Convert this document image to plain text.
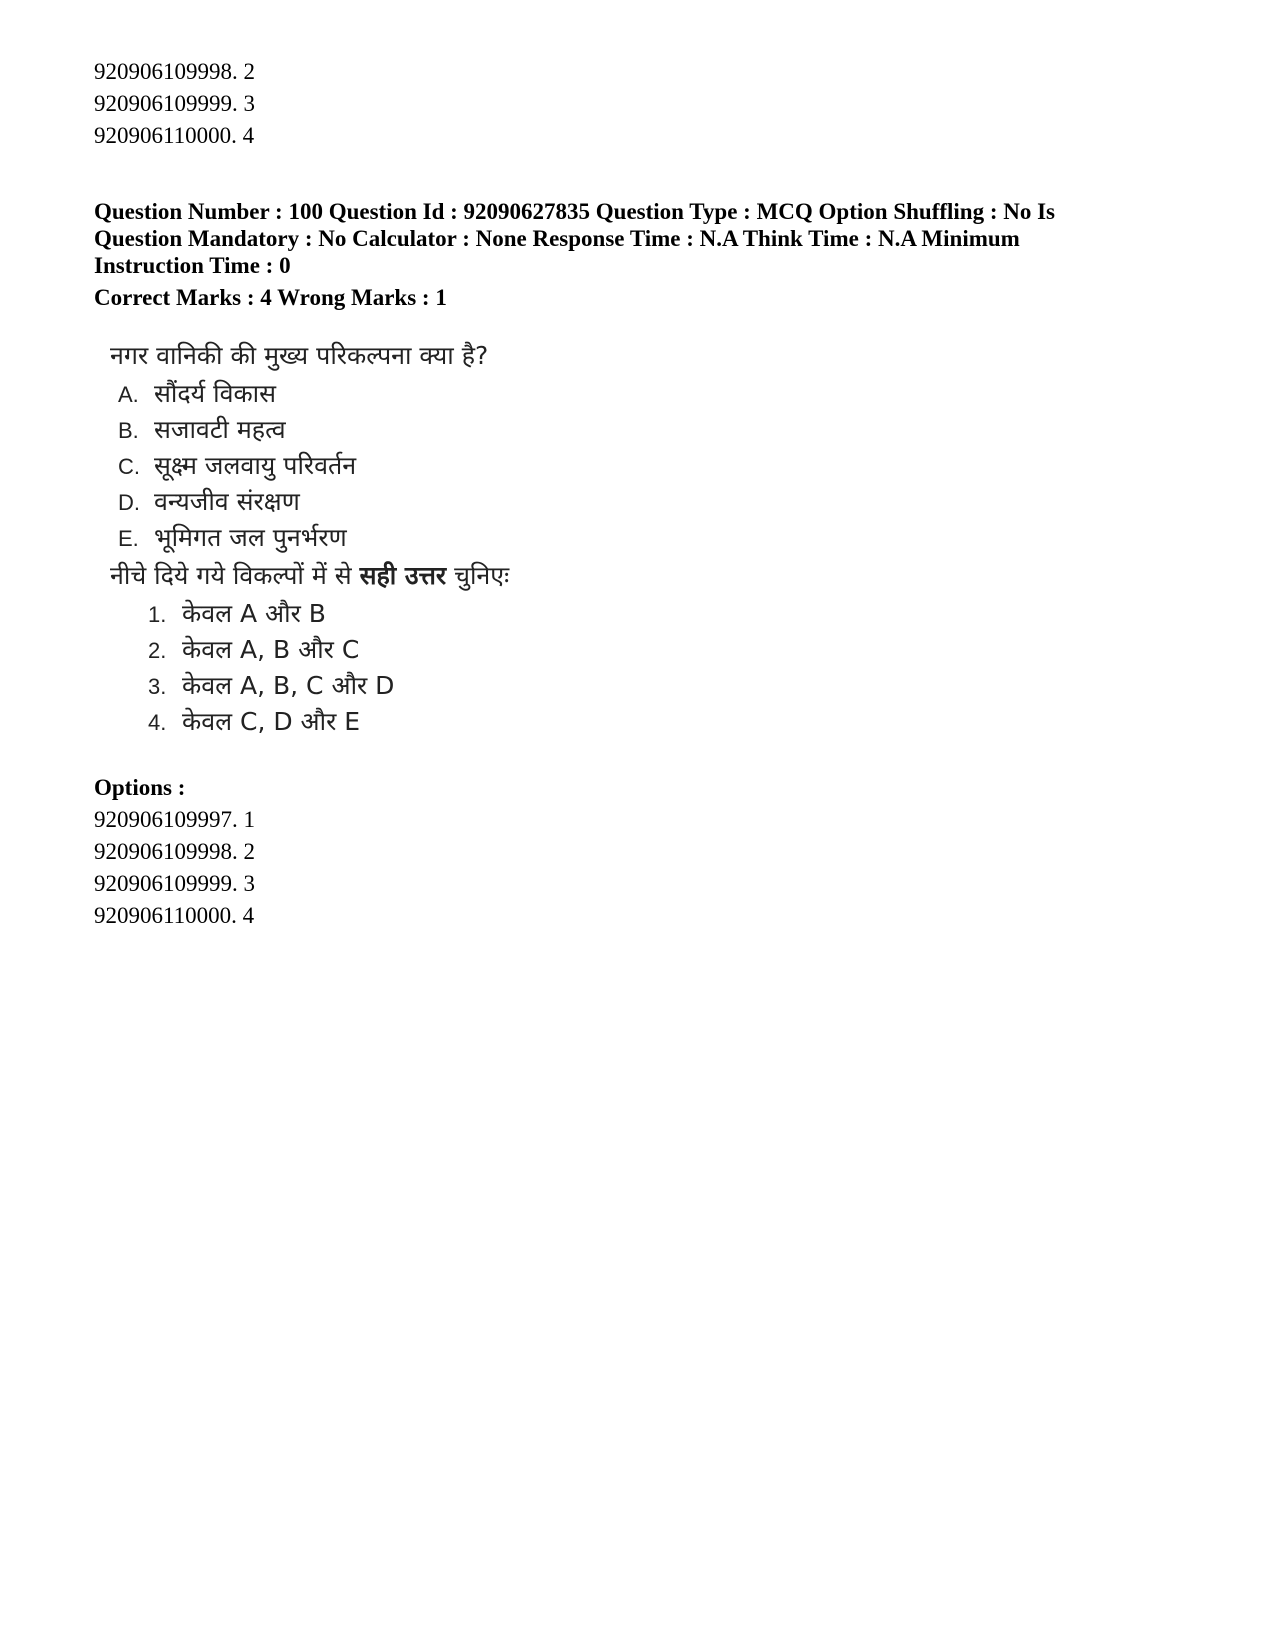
920906109998. 2
920906109999. 3
920906110000. 4
Question Number : 100 Question Id : 92090627835 Question Type : MCQ Option Shuffling : No Is Question Mandatory : No Calculator : None Response Time : N.A Think Time : N.A Minimum Instruction Time : 0
Correct Marks : 4 Wrong Marks : 1
नगर वानिकी की मुख्य परिकल्पना क्या है?
A. सौंदर्य विकास
B. सजावटी महत्व
C. सूक्ष्म जलवायु परिवर्तन
D. वन्यजीव संरक्षण
E. भूमिगत जल पुनर्भरण
नीचे दिये गये विकल्पों में से सही उत्तर चुनिएः
1. केवल A और B
2. केवल A, B और C
3. केवल A, B, C और D
4. केवल C, D और E
Options :
920906109997. 1
920906109998. 2
920906109999. 3
920906110000. 4
